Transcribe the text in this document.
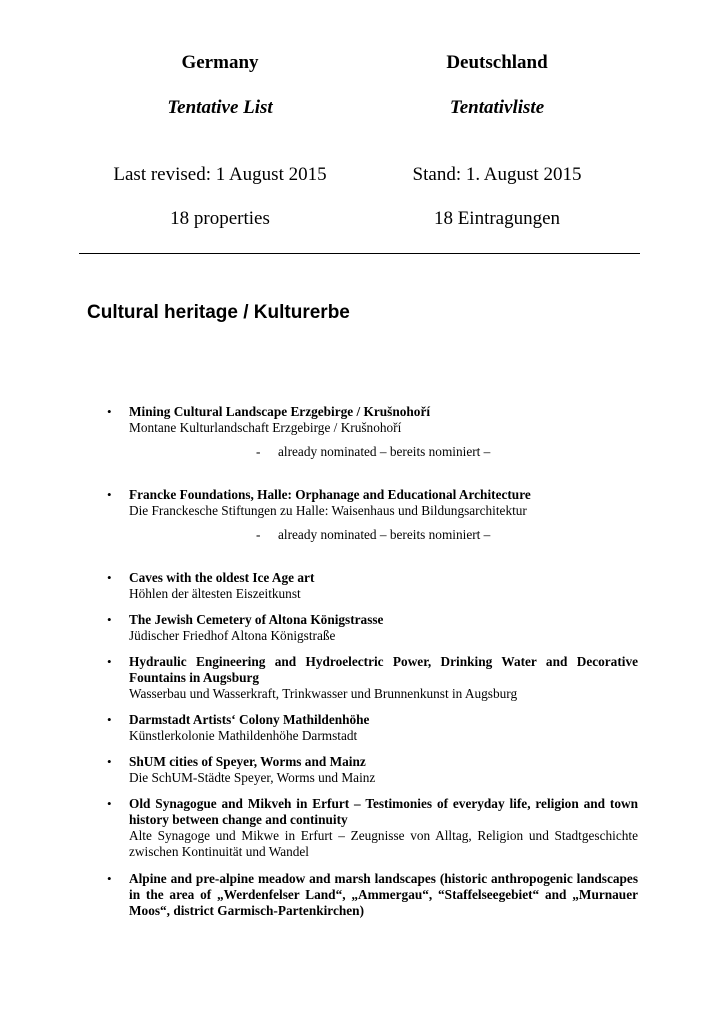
Germany	Deutschland
Tentative List	Tentativliste
Last revised: 1 August 2015	Stand: 1. August 2015
18 properties	18 Eintragungen
Cultural heritage / Kulturerbe
• Mining Cultural Landscape Erzgebirge / Krušnohoří
Montane Kulturlandschaft Erzgebirge / Krušnohoří
- already nominated – bereits nominiert –
• Francke Foundations, Halle: Orphanage and Educational Architecture
Die Franckesche Stiftungen zu Halle: Waisenhaus und Bildungsarchitektur
- already nominated – bereits nominiert –
• Caves with the oldest Ice Age art
Höhlen der ältesten Eiszeitkunst
• The Jewish Cemetery of Altona Königstrasse
Jüdischer Friedhof Altona Königstraße
• Hydraulic Engineering and Hydroelectric Power, Drinking Water and Decorative Fountains in Augsburg
Wasserbau und Wasserkraft, Trinkwasser und Brunnenkunst in Augsburg
• Darmstadt Artists‘ Colony Mathildenhöhe
Künstlerkolonie Mathildenhöhe Darmstadt
• ShUM cities of Speyer, Worms and Mainz
Die SchUM-Städte Speyer, Worms und Mainz
• Old Synagogue and Mikveh in Erfurt – Testimonies of everyday life, religion and town history between change and continuity
Alte Synagoge und Mikwe in Erfurt – Zeugnisse von Alltag, Religion und Stadtgeschichte zwischen Kontinuität und Wandel
• Alpine and pre-alpine meadow and marsh landscapes (historic anthropogenic landscapes in the area of „Werdenfelser Land“, „Ammergau“, “Staffelseegebiet“ and „Murnauer Moos“, district Garmisch-Partenkirchen)
